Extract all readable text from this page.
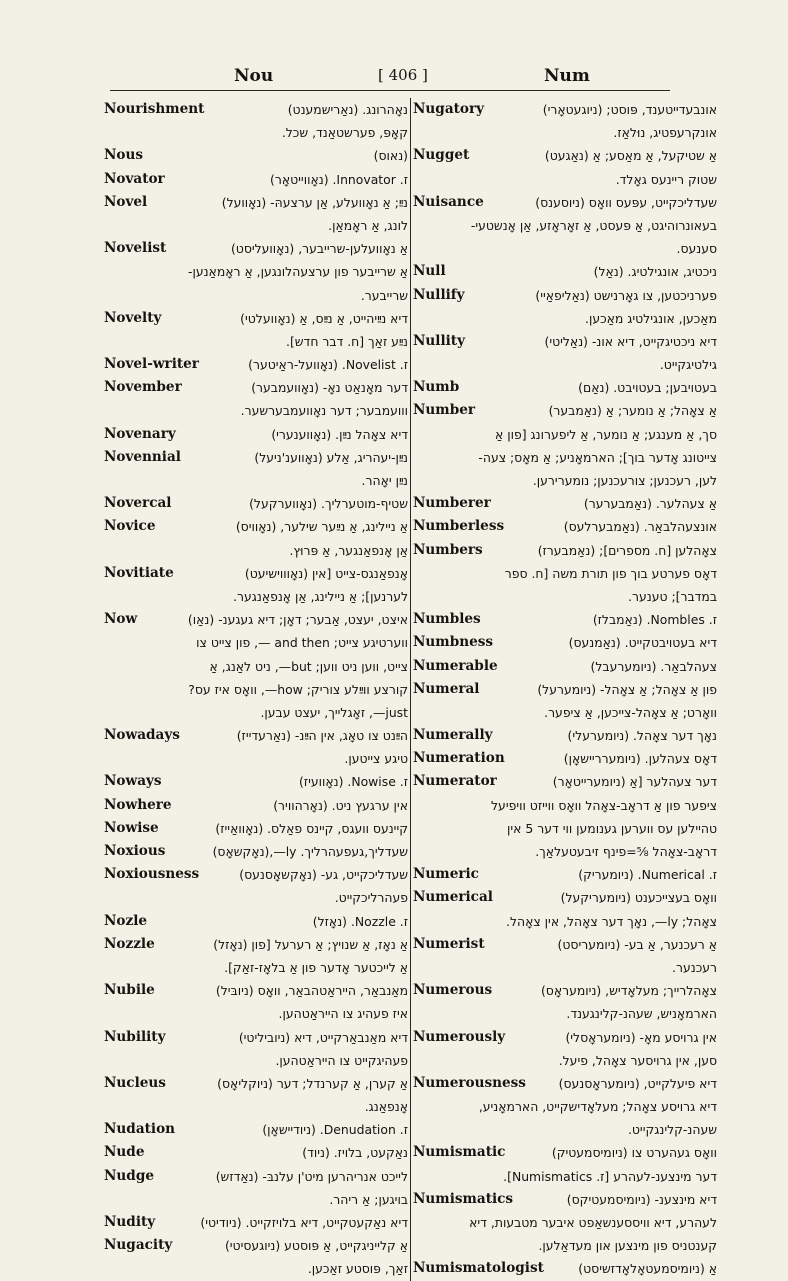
Nou	[ 406 ]	Num
Nourishment	נאָהרונג. (נאַרישמענט)
קאָפּ, פערשטאַנד, שכל.
Nous	(נאוס)
Novator	ז. Innovator. (נאָווייטאָר)
Novel	נײַ; אַ נאָוועלע, אַן ערצעהּ- (נאָוועל)
לונג, אַ ראָמאַן.
Novelist	אַ נאָוועלען-שרייבער, (נאָוועליסט)
אַ שרייבער פון ערצעהלונגען, אַ ראָמאַנען-
שרייבער.
Novelty	דיא נײַיהייט, אַ נײַס, אַ (נאָוועלטי)
נײַע זאַך [ח. דבר חדש].
Novel-writer	ז. Novelist. (נאָוועל-ראַיטער)
November	דער מאָנאַט נאָ- (נאָוועמבער)
ווועמבער; דער נאָוועמבערשער.
Novenary	דיא צאָהל נײַן. (נאָווענערי)
Novennial	נײַן-יעהריג, אַלע (נאָווענ'ניעל)
נײַן יאָהר.
Novercal	שטיף-מוטערליך. (נאָווערקעל)
Novice	אַ ניילינג, אַ נײַער שילער, (נאָוויס)
אַן אָנפאַנגער, אַ פּרוּץ.
Novitiate	אָנפאַנגס-צייט [אין (נאָוווישיעט)
לערנען]; אַ ניילינג, אַן אָנפאַנגער.
Now	איצט, יעצט, אַבער; דאָן; דיא געגענ- (נאַו)
ווערטיגע צייט; and then —, פון צייט צו
צייט, ווען ניט ווען; but—, ניט לאַנג, אַ
קורצע ווײַלע צוריק; how—, וואָס איז עס?
just—, זאָגלייך, יעצט עבען.
Nowadays	הײַנט צו טאָג, אין הײַנ- (נאַרעדייז)
טיגע צייטען.
Noways	ז. Nowise. (נאָוועיז)
Nowhere	אין ערגעץ ניט. (נאָרהוויר)
Nowise	קיינעס וועגס, קיינס פאַלס. (נאָוואַייז)
Noxious	שעדליך,געפעהרליך. ly—,(נאָקשאָס)
Noxiousness	שעדליכקייט, גע- (נאָקשאָסנעס)
פעהרליכקייט.
Nozle	ז. Nozzle. (נאָזל)
Nozzle	אַ נאָז, אַ שנויץ; אַ רערעל [פון (נאָזל)
אַ לייכטער אָדער פון אַ בלאָז-זאַק].
Nubile	מאַנבאַר, הייראַטהבאַר, וואָס (ניובּיל)
איז פעהיג צו הייראַטהען.
Nubility	דיא מאַנבאַרקייט, דיא (ניוביליטי)
פעהיגקייט צו הייראַטהען.
Nucleus	אַ קערן, אַ קערנדל; דער (ניוקליאָס)
אָנפאַנג.
Nudation	ז. Denudation. (ניודיישאָן)
Nude	נאַקעט, בלויז. (ניוד)
Nudge	לייכט אנריהרען מיט'ן עלנבּ- (נאַדזש)
בויגען; אַ ריהר.
Nudity	דיא נאַקעטקייט, דיא בלויזקייט. (ניודיטי)
Nugacity	אַ קלייניגקייט, אַ פּוסטע (ניוגעסיטי)
זאַך, פּוסטע זאַכען.
Nugatory	אונבעדייטענד, פּוסט; (ניוגעטאָרי)
אונקרעפטיג, נוּלאַז.
Nugget	אַ שטיקעל, אַ מאַסע; אַ (נאַגעט)
שטוק ריינעס גאָלד.
Nuisance	שעדליכקייט, עפּעס וואָס (ניוסענס)
בעאונרוהיגט, אַ פּעסט, אַ זאָראָזע, אַן אָנשטעי-
סענעס.
Null	ניכטיג, אונגילטיג. (נאַל)
Nullify	פערניכטען, צו גאָרנישט (נאַליפאַיי)
מאַכען, אונגילטיג מאַכען.
Nullity	דיא ניכטיגקייט, דיא אונ- (נאַליטי)
גילטיגקייט.
Numb	בעטויבען; בעטויבט. (נאַם)
Number	אַ צאָהל; אַ נומער; אַ (נאַמבער)
סך, אַ מענגע; אַ נומער, אַ ליפערונג [פון אַ
צייטונג אָדער בוך]; הארמאָניע; אַ מאָס; צעה-
לען, רעכנען; צורעכנען; נומערירען.
Numberer	אַ צעהלער. (נאַמבערער)
Numberless	אונצעהלבאַר. (נאַמבערלעס)
Numbers	צאָהלען [ח. מספרים]; (נאַמבערז)
דאָס פערטע בוך פון תורת משה [ח. ספר
במדבר]; טענער.
Numbles	ז. Nombles. (נאַמבלז)
Numbness	דיא בעטויבטקייט. (נאַמנעס)
Numerable	צעהלבאַר. (ניומערעבל)
Numeral	פון אַ צאָהל; אַ צאָהל- (ניומערעל)
וואָרט; אַ צאָהל-צייכען, אַ ציפער.
Numerally	נאָך דער צאָהל. (ניומערעלי)
Numeration	דאָס צעהלען. (ניומערריישאָן)
Numerator	דער צעהלער [אַ (ניומערייטאָר)
ציפער פון אַ דראָב-צאָהל וואָס ווייזט וויפיעל
טהיילען עס ווערען גענומען ווי דער 5 אין
דראָב-צאָהל ⅝=פינף זיבעטעלאַך.
Numeric	ז. Numerical. (ניומעריק)
Numerical	וואָס בעצייכענט (ניומעריקעל)
צאָהל; ly—, נאָך דער צאָהל, אין צאָהל.
Numerist	אַ רעכנער, אַ בע- (ניומעריסט)
רעכנער.
Numerous	צאָהלרייך; מעלאָדיש, (ניומעראָס)
הארמאָניש, שעהנ-קלינגענד.
Numerously	אין גרויסע מאָ- (ניומעראָסלי)
סען, אין גרויסער צאָהל, פיעל.
Numerousness	דיא פיעלקייט, (ניומעראָסנעס)
דיא גרויסע צאָהל; מעלאָדישקייט, הארמאָניע,
שעהנ-קלינגקייט.
Numismatic	וואָס געהערט צו (ניומיסמעטיק)
דער מינצענ-לעהרע [ז. Numismatics].
Numismatics	דיא מינצענ- (ניומיסמעטיקס)
לעהרע, דיא וויססענשאַפט איבער מטבעות, דיא
קענטניס פון מינצען און מעדאַלען.
Numismatologist	אַ (ניומיסמעטאָלאָדזשיסט)
